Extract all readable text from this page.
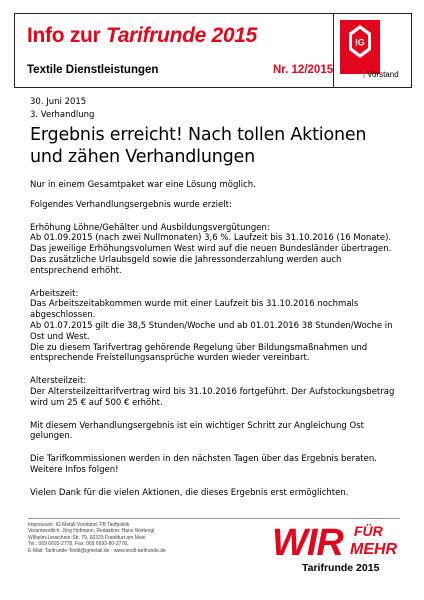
Info zur Tarifrunde 2015
Textile Dienstleistungen	Nr. 12/2015
IG
| Vorstand

30. Juni 2015

3. Verhandlung

Ergebnis erreicht! Nach tollen Aktionen und zähen Verhandlungen

Nur in einem Gesamtpaket war eine Lösung möglich.

Folgendes Verhandlungsergebnis wurde erzielt:

Erhöhung Löhne/Gehälter und Ausbildungsvergütungen:

Ab 01.09.2015 (nach zwei Nullmonaten) 3,6 %. Laufzeit bis 31.10.2016 (16 Monate). Das jeweilige Erhöhungsvolumen West wird auf die neuen Bundesländer übertragen.

Das zusätzliche Urlaubsgeld sowie die Jahressonderzahlung werden auch entsprechend erhöht.

Arbeitszeit:

Das Arbeitszeitabkommen wurde mit einer Laufzeit bis 31.10.2016 nochmals abgeschlossen.

Ab 01.07.2015 gilt die 38,5 Stunden/Woche und ab 01.01.2016 38 Stunden/Woche in Ost und West.

Die zu diesem Tarifvertrag gehörende Regelung über Bildungsmaßnahmen und entsprechende Freistellungsansprüche wurden wieder vereinbart.

Altersteilzeit:

Der Altersteilzeittarifvertrag wird bis 31.10.2016 fortgeführt. Der Aufstockungsbetrag wird um 25 € auf 500 € erhöht.

Mit diesem Verhandlungsergebnis ist ein wichtiger Schritt zur Angleichung Ost gelungen.

Die Tarifkommissionen werden in den nächsten Tagen über das Ergebnis beraten. Weitere Infos folgen!

Vielen Dank für die vielen Aktionen, die dieses Ergebnis erst ermöglichten.

Impressum: IG Metall Vorstand, FB Tarifpolitik
Verantwortlich: Jörg Hofmann, Redaktion: Hans Wettengl
Wilhelm-Leuschner-Str. 79, 60329 Frankfurt am Main
Tel.: 069 6693-2778, Fax: 069 6693-80-2778,
E-Mail: Tarifrunde-Textil@igmetall.de · www.textil-tarifrunde.de	WIR FÜR
MEHR
Tarifrunde 2015
